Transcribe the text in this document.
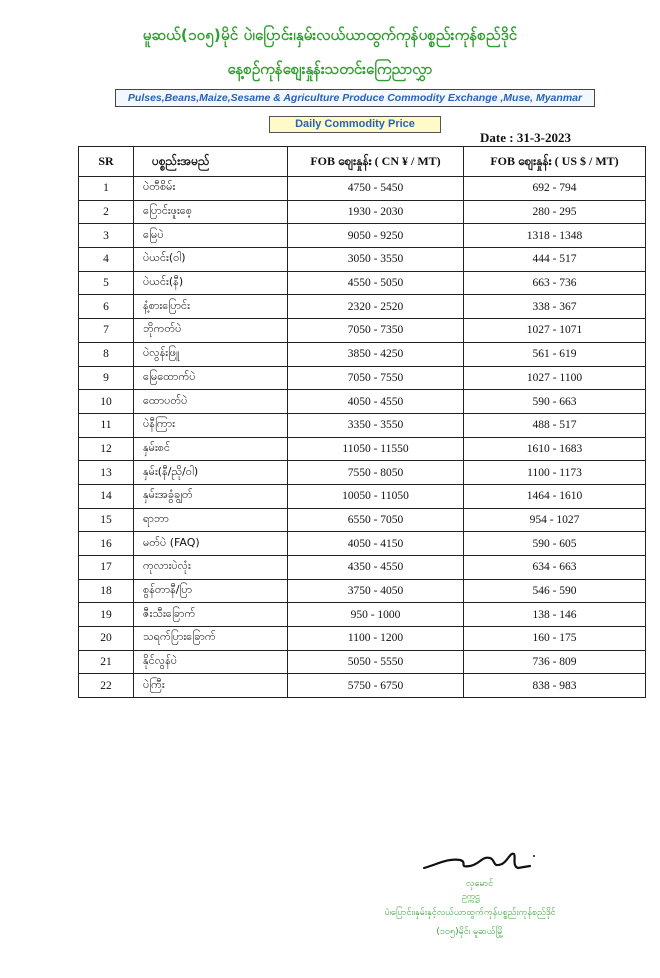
မူဆယ်(၁၀၅)မိုင် ပဲ၊ပြောင်း၊နှမ်းလယ်ယာထွက်ကုန်ပစ္စည်းကုန်စည်ဒိုင်
နေ့စဉ်ကုန်စျေးနှုန်းသတင်းကြေညာလွှာ
Pulses,Beans,Maize,Sesame & Agriculture Produce Commodity Exchange ,Muse, Myanmar
Daily Commodity Price
Date : 31-3-2023
SR	ပစ္စည်းအမည်	FOB စျေးနှုန်း ( CN ¥ / MT)	FOB စျေးနှုန်း ( US $ / MT)
1	ပဲတီစိမ်း	4750 - 5450	692 - 794
2	ပြောင်းဖူးစေ့	1930 - 2030	280 - 295
3	မြေပဲ	9050 - 9250	1318 - 1348
4	ပဲယင်း(ဝါ)	3050 - 3550	444 - 517
5	ပဲယင်း(နီ)	4550 - 5050	663 - 736
6	နံ့စားပြောင်း	2320 - 2520	338 - 367
7	ဘိုကတ်ပဲ	7050 - 7350	1027 - 1071
8	ပဲလွန်းဖြူ	3850 - 4250	561 - 619
9	မြေထောက်ပဲ	7050 - 7550	1027 - 1100
10	ထောပတ်ပဲ	4050 - 4550	590 - 663
11	ပဲနီကြား	3350 - 3550	488 - 517
12	နှမ်းစင်	11050 - 11550	1610 - 1683
13	နှမ်း(နီ/ညို/ဝါ)	7550 - 8050	1100 - 1173
14	နှမ်းအခွံချွတ်	10050 - 11050	1464 - 1610
15	ရာဘာ	6550 - 7050	954 - 1027
16	မတ်ပဲ (FAQ)	4050 - 4150	590 - 605
17	ကုလားပဲလုံး	4350 - 4550	634 - 663
18	စွန်တာနီ/ပြာ	3750 - 4050	546 - 590
19	ဇီးသီးခြောက်	950 - 1000	138 - 146
20	သရက်ပြားခြောက်	1100 - 1200	160 - 175
21	နိုင်လွန်ပဲ	5050 - 5550	736 - 809
22	ပဲကြီး	5750 - 6750	838 - 983
လှမောင်
ဥက္ကဋ္ဌ
ပဲ၊ပြောင်း၊နှမ်းနှင့်လယ်ယာထွက်ကုန်ပစ္စည်းကုန်စည်ဒိုင်
(၁၀၅)မိုင်၊ မူဆယ်မြို့
